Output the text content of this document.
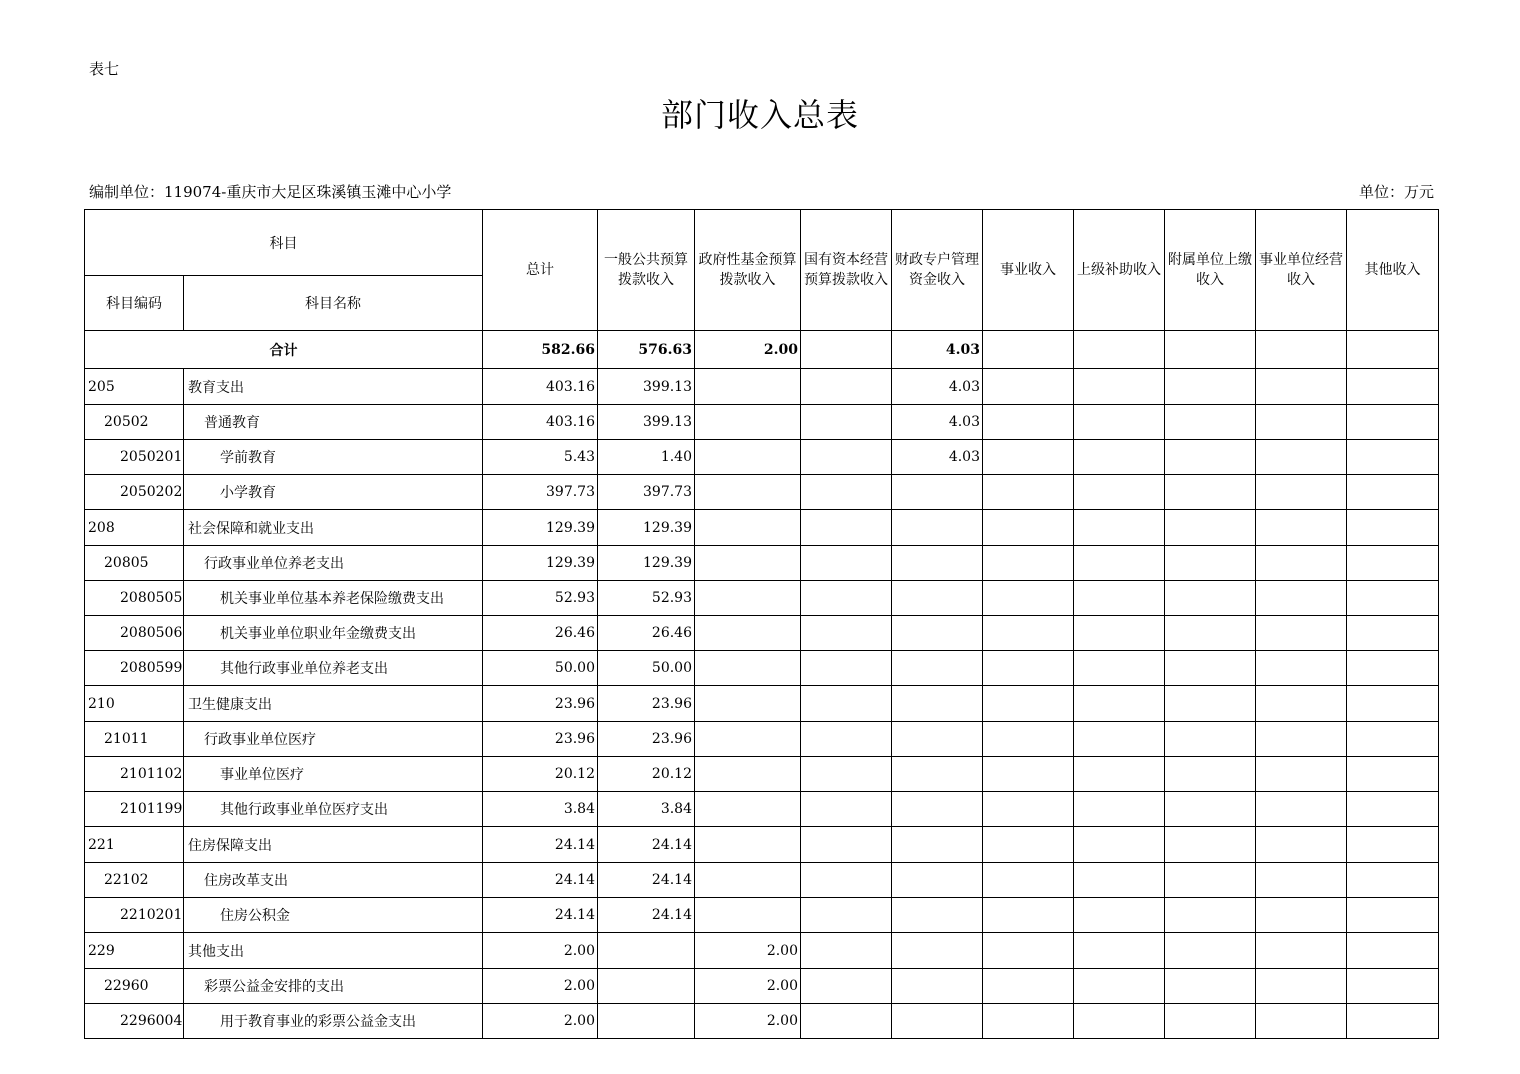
表七
部门收入总表
编制单位：119074-重庆市大足区珠溪镇玉滩中心小学	单位：万元
科目		总计	一般公共预算拨款收入	政府性基金预算拨款收入	国有资本经营预算拨款收入	财政专户管理资金收入	事业收入	上级补助收入	附属单位上缴收入	事业单位经营收入	其他收入
科目编码	科目名称										
合计		582.66	576.63	2.00		4.03					
205	教育支出	403.16	399.13			4.03					
20502	普通教育	403.16	399.13			4.03					
2050201	学前教育	5.43	1.40			4.03					
2050202	小学教育	397.73	397.73								
208	社会保障和就业支出	129.39	129.39								
20805	行政事业单位养老支出	129.39	129.39								
2080505	机关事业单位基本养老保险缴费支出	52.93	52.93								
2080506	机关事业单位职业年金缴费支出	26.46	26.46								
2080599	其他行政事业单位养老支出	50.00	50.00								
210	卫生健康支出	23.96	23.96								
21011	行政事业单位医疗	23.96	23.96								
2101102	事业单位医疗	20.12	20.12								
2101199	其他行政事业单位医疗支出	3.84	3.84								
221	住房保障支出	24.14	24.14								
22102	住房改革支出	24.14	24.14								
2210201	住房公积金	24.14	24.14								
229	其他支出	2.00		2.00							
22960	彩票公益金安排的支出	2.00		2.00							
2296004	用于教育事业的彩票公益金支出	2.00		2.00							
